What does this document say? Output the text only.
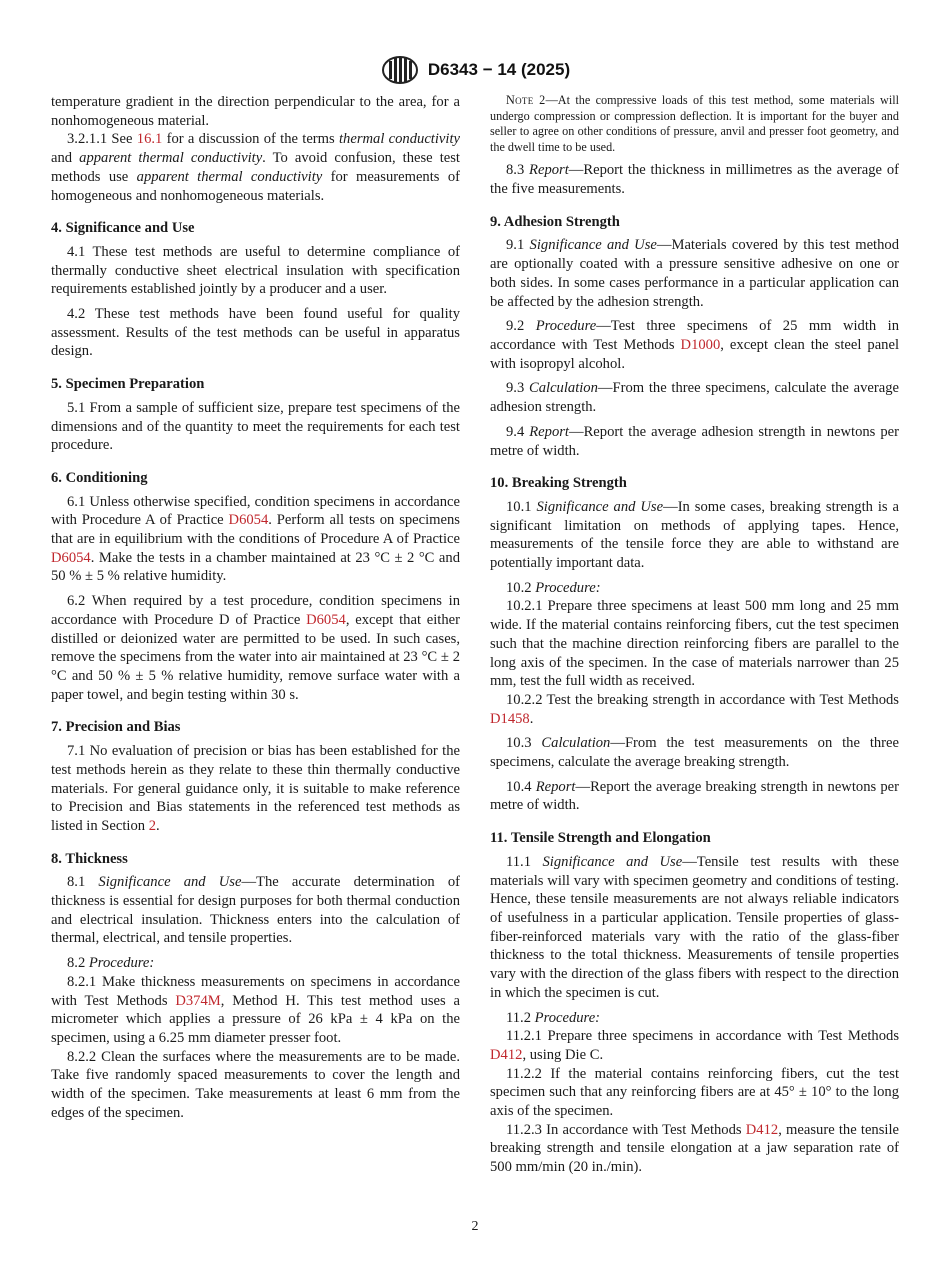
D6343 − 14 (2025)

temperature gradient in the direction perpendicular to the area, for a nonhomogeneous material.

3.2.1.1 See 16.1 for a discussion of the terms thermal conductivity and apparent thermal conductivity. To avoid confusion, these test methods use apparent thermal conductivity for measurements of homogeneous and nonhomogeneous materials.

4. Significance and Use

4.1 These test methods are useful to determine compliance of thermally conductive sheet electrical insulation with specification requirements established jointly by a producer and a user.

4.2 These test methods have been found useful for quality assessment. Results of the test methods can be useful in apparatus design.

5. Specimen Preparation

5.1 From a sample of sufficient size, prepare test specimens of the dimensions and of the quantity to meet the requirements for each test procedure.

6. Conditioning

6.1 Unless otherwise specified, condition specimens in accordance with Procedure A of Practice D6054. Perform all tests on specimens that are in equilibrium with the conditions of Procedure A of Practice D6054. Make the tests in a chamber maintained at 23 °C ± 2 °C and 50 % ± 5 % relative humidity.

6.2 When required by a test procedure, condition specimens in accordance with Procedure D of Practice D6054, except that either distilled or deionized water are permitted to be used. In such cases, remove the specimens from the water into air maintained at 23 °C ± 2 °C and 50 % ± 5 % relative humidity, remove surface water with a paper towel, and begin testing within 30 s.

7. Precision and Bias

7.1 No evaluation of precision or bias has been established for the test methods herein as they relate to these thin thermally conductive materials. For general guidance only, it is suitable to make reference to Precision and Bias statements in the referenced test methods as listed in Section 2.

8. Thickness

8.1 Significance and Use—The accurate determination of thickness is essential for design purposes for both thermal conduction and electrical insulation. Thickness enters into the calculation of thermal, electrical, and tensile properties.

8.2 Procedure:

8.2.1 Make thickness measurements on specimens in accordance with Test Methods D374M, Method H. This test method uses a micrometer which applies a pressure of 26 kPa ± 4 kPa on the specimen, using a 6.25 mm diameter presser foot.

8.2.2 Clean the surfaces where the measurements are to be made. Take five randomly spaced measurements to cover the length and width of the specimen. Take measurements at least 6 mm from the edges of the specimen.

Note 2—At the compressive loads of this test method, some materials will undergo compression or compression deflection. It is important for the buyer and seller to agree on other conditions of pressure, anvil and presser foot geometry, and the dwell time to be used.

8.3 Report—Report the thickness in millimetres as the average of the five measurements.

9. Adhesion Strength

9.1 Significance and Use—Materials covered by this test method are optionally coated with a pressure sensitive adhesive on one or both sides. In some cases performance in a particular application can be affected by the adhesion strength.

9.2 Procedure—Test three specimens of 25 mm width in accordance with Test Methods D1000, except clean the steel panel with isopropyl alcohol.

9.3 Calculation—From the three specimens, calculate the average adhesion strength.

9.4 Report—Report the average adhesion strength in newtons per metre of width.

10. Breaking Strength

10.1 Significance and Use—In some cases, breaking strength is a significant limitation on methods of applying tapes. Hence, measurements of the tensile force they are able to withstand are potentially important data.

10.2 Procedure:

10.2.1 Prepare three specimens at least 500 mm long and 25 mm wide. If the material contains reinforcing fibers, cut the test specimen such that the machine direction reinforcing fibers are parallel to the long axis of the specimen. In the case of materials narrower than 25 mm, test the full width as received.

10.2.2 Test the breaking strength in accordance with Test Methods D1458.

10.3 Calculation—From the test measurements on the three specimens, calculate the average breaking strength.

10.4 Report—Report the average breaking strength in newtons per metre of width.

11. Tensile Strength and Elongation

11.1 Significance and Use—Tensile test results with these materials will vary with specimen geometry and conditions of testing. Hence, these tensile measurements are not always reliable indicators of usefulness in a particular application. Tensile properties of glass-fiber-reinforced materials vary with the ratio of the glass-fiber thickness to the total thickness. Measurements of tensile properties vary with the direction of the glass fibers with respect to the direction in which the specimen is cut.

11.2 Procedure:

11.2.1 Prepare three specimens in accordance with Test Methods D412, using Die C.

11.2.2 If the material contains reinforcing fibers, cut the test specimen such that any reinforcing fibers are at 45° ± 10° to the long axis of the specimen.

11.2.3 In accordance with Test Methods D412, measure the tensile breaking strength and tensile elongation at a jaw separation rate of 500 mm/min (20 in./min).

2
